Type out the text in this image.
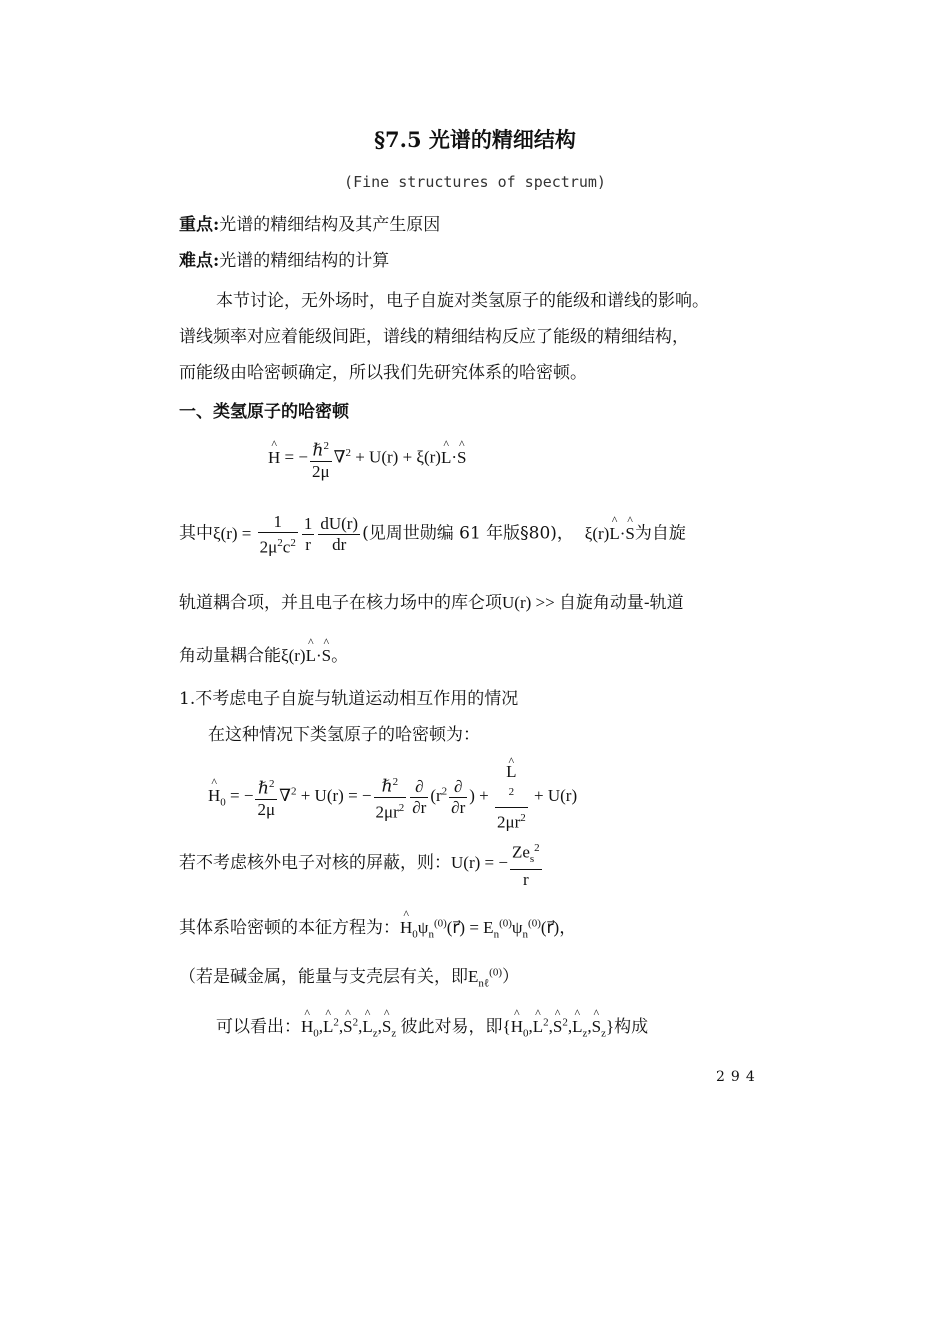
§7.5 光谱的精细结构
(Fine structures of spectrum)
重点:光谱的精细结构及其产生原因
难点:光谱的精细结构的计算
本节讨论，无外场时，电子自旋对类氢原子的能级和谱线的影响。
谱线频率对应着能级间距，谱线的精细结构反应了能级的精细结构，
而能级由哈密顿确定，所以我们先研究体系的哈密顿。
一、类氢原子的哈密顿
^ H = − $\frac{\hbar^2}{2\mu} \nabla^2 + U(r)$ + ξ(r)^ L·^ S
其中$\xi(r) = \frac{1}{2\mu^2c^2} \frac{1}{r} \frac{dU(r)}{dr}$ (见周世勋编 61 年版§80)， ξ(r)^ L·^ S为自旋
轨道耦合项，并且电子在核力场中的库仑项U(r) >> 自旋角动量-轨道
角动量耦合能ξ(r)^ L·^ S。
1.不考虑电子自旋与轨道运动相互作用的情况
在这种情况下类氢原子的哈密顿为：
^ $H_0$ = − $\frac{\hbar^2}{2\mu} \nabla^2 + U(r)$ = − $\frac{\hbar^2}{2\mu r^2} \frac{\partial}{\partial r} (r^2 \frac{\partial}{\partial r}$ ) +
^ L
$^2$
$2\mu r^2 + U(r)$
若不考虑核外电子对核的屏蔽，则：U(r) = − $\frac{Ze_s^2}{r}$
其体系哈密顿的本征方程为：^ $H_0\psi_n^{(0)}(r⃗)$ = $E_n^{(0)}\psi_n^{(0)}(r⃗)$，
（若是碱金属，能量与支壳层有关，即$E_{n\ell}^{(0)}$）
可以看出：^ $H_0,\^{}$ $L^2,\^{}$ $S^2,\^{}$ $L_z,\^{}$ $S_z$ 彼此对易，即{^ $H_0,\^{}$ $L^2,\^{}$ $S^2,\^{}$ $L_z,\^{}$ $S_z$}构成
294
